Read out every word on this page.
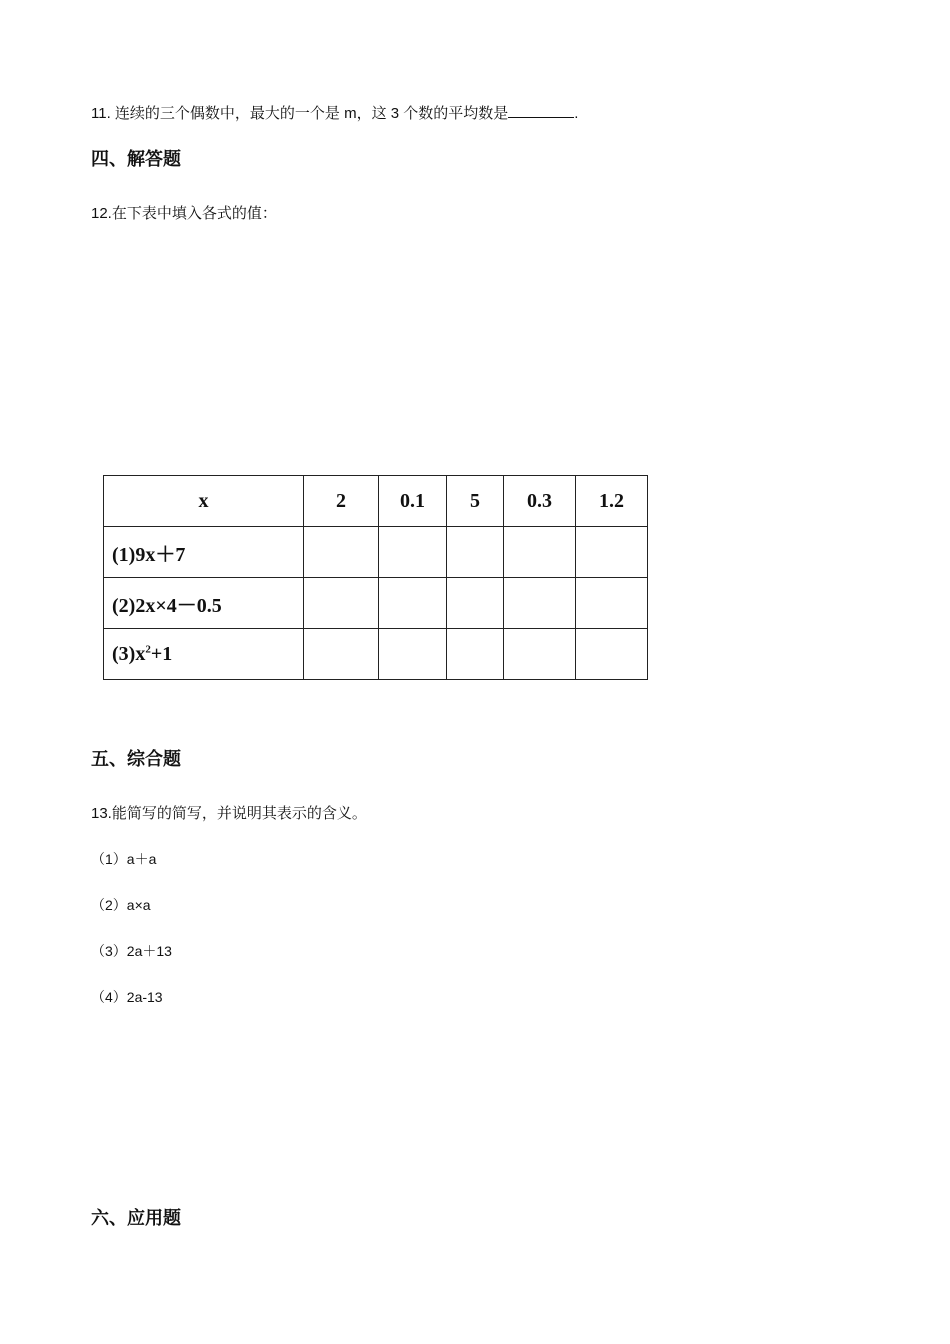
11. 连续的三个偶数中，最大的一个是 m，这 3 个数的平均数是	.
四、解答题
12.在下表中填入各式的值：
x	2	0.1	5	0.3	1.2
(1)9x＋7					
(2)2x×4－0.5					
$(3)x^2+1$					
五、综合题
13.能简写的简写，并说明其表示的含义。
（1）a＋a
（2）a×a
（3）2a＋13
（4）2a-13
六、应用题
